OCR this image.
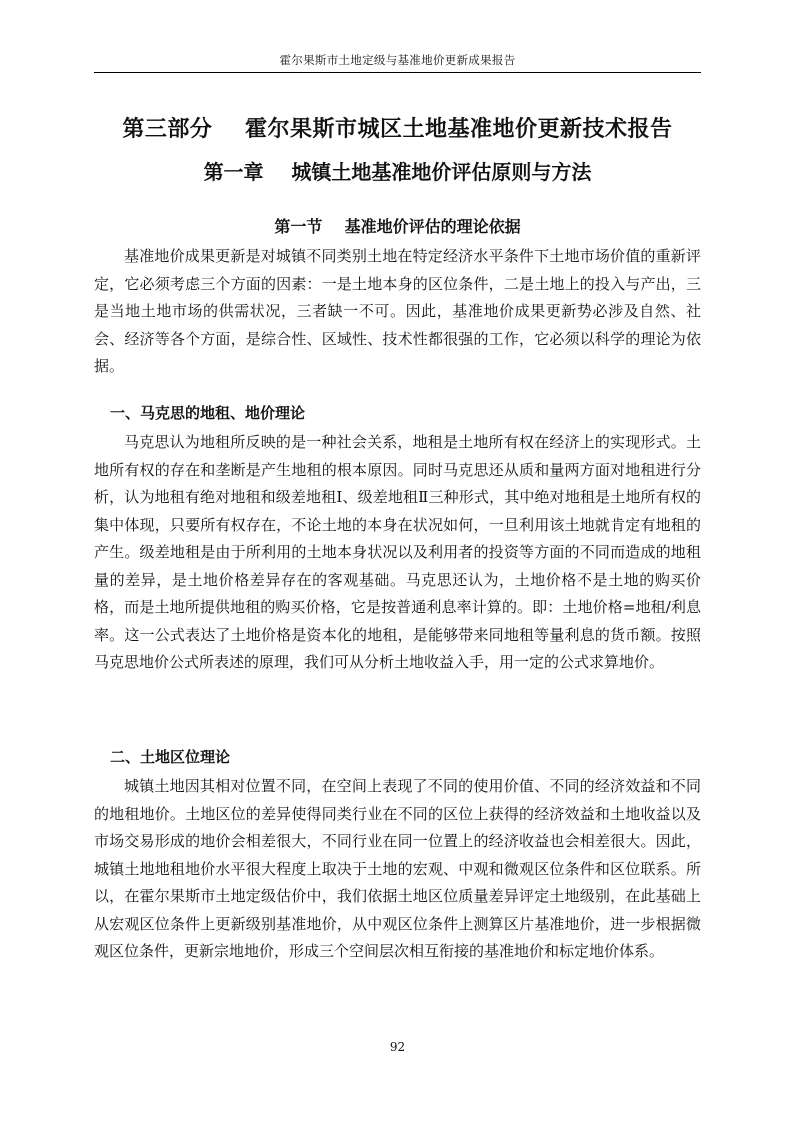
霍尔果斯市土地定级与基准地价更新成果报告
第三部分    霍尔果斯市城区土地基准地价更新技术报告
第一章    城镇土地基准地价评估原则与方法
第一节    基准地价评估的理论依据

基准地价成果更新是对城镇不同类别土地在特定经济水平条件下土地市场价值的重新评定，它必须考虑三个方面的因素：一是土地本身的区位条件，二是土地上的投入与产出，三是当地土地市场的供需状况，三者缺一不可。因此，基准地价成果更新势必涉及自然、社会、经济等各个方面，是综合性、区域性、技术性都很强的工作，它必须以科学的理论为依据。

一、马克思的地租、地价理论

马克思认为地租所反映的是一种社会关系，地租是土地所有权在经济上的实现形式。土地所有权的存在和垄断是产生地租的根本原因。同时马克思还从质和量两方面对地租进行分析，认为地租有绝对地租和级差地租Ⅰ、级差地租Ⅱ三种形式，其中绝对地租是土地所有权的集中体现，只要所有权存在，不论土地的本身在状况如何，一旦利用该土地就肯定有地租的产生。级差地租是由于所利用的土地本身状况以及利用者的投资等方面的不同而造成的地租量的差异，是土地价格差异存在的客观基础。马克思还认为，土地价格不是土地的购买价格，而是土地所提供地租的购买价格，它是按普通利息率计算的。即：土地价格=地租/利息率。这一公式表达了土地价格是资本化的地租，是能够带来同地租等量利息的货币额。按照马克思地价公式所表述的原理，我们可从分析土地收益入手，用一定的公式求算地价。

二、土地区位理论

城镇土地因其相对位置不同，在空间上表现了不同的使用价值、不同的经济效益和不同的地租地价。土地区位的差异使得同类行业在不同的区位上获得的经济效益和土地收益以及市场交易形成的地价会相差很大，不同行业在同一位置上的经济收益也会相差很大。因此，城镇土地地租地价水平很大程度上取决于土地的宏观、中观和微观区位条件和区位联系。所以，在霍尔果斯市土地定级估价中，我们依据土地区位质量差异评定土地级别，在此基础上从宏观区位条件上更新级别基准地价，从中观区位条件上测算区片基准地价，进一步根据微观区位条件，更新宗地地价，形成三个空间层次相互衔接的基准地价和标定地价体系。

92
